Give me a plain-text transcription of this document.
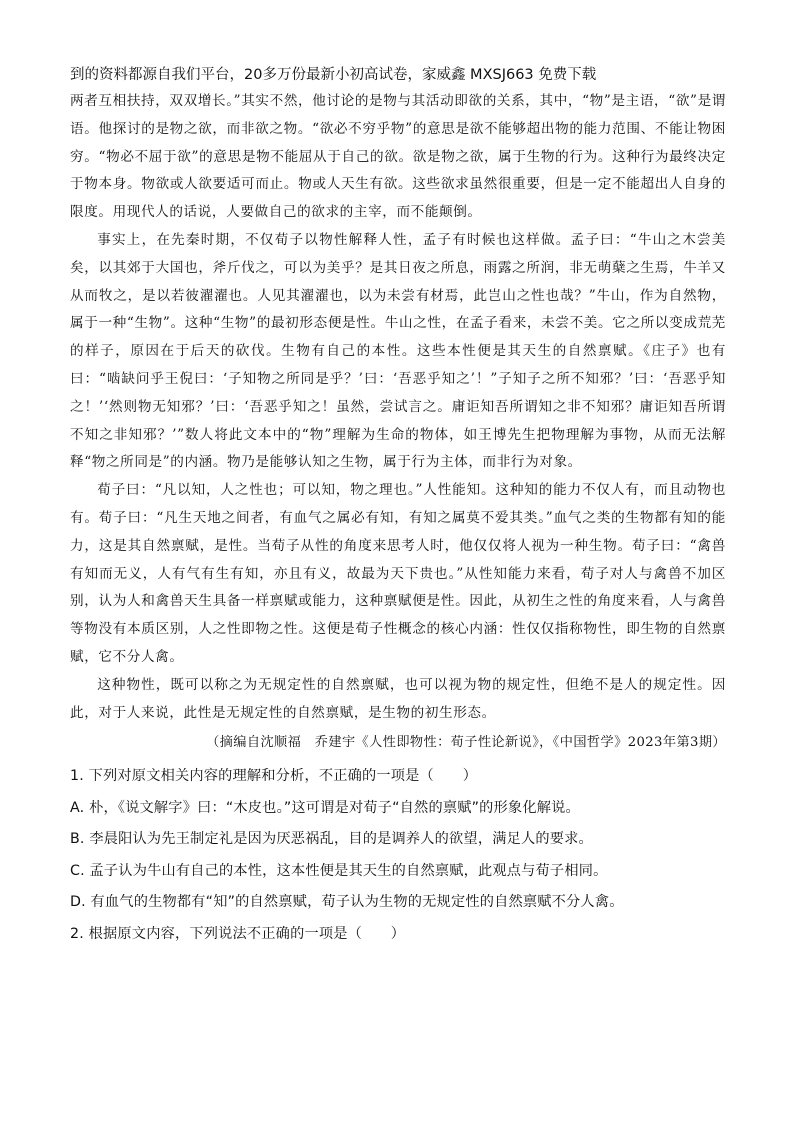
到的资料都源自我们平台，20多万份最新小初高试卷，家威鑫 MXSJ663 免费下载

两者互相扶持，双双增长。”其实不然，他讨论的是物与其活动即欲的关系，其中，“物”是主语，“欲”是谓语。他探讨的是物之欲，而非欲之物。“欲必不穷乎物”的意思是欲不能够超出物的能力范围、不能让物困穷。“物必不屈于欲”的意思是物不能屈从于自己的欲。欲是物之欲，属于生物的行为。这种行为最终决定于物本身。物欲或人欲要适可而止。物或人天生有欲。这些欲求虽然很重要，但是一定不能超出人自身的限度。用现代人的话说，人要做自己的欲求的主宰，而不能颠倒。

事实上，在先秦时期，不仅荀子以物性解释人性，孟子有时候也这样做。孟子曰：“牛山之木尝美矣，以其郊于大国也，斧斤伐之，可以为美乎？是其日夜之所息，雨露之所润，非无萌蘖之生焉，牛羊又从而牧之，是以若彼濯濯也。人见其濯濯也，以为未尝有材焉，此岂山之性也哉？”牛山，作为自然物，属于一种“生物”。这种“生物”的最初形态便是性。牛山之性，在孟子看来，未尝不美。它之所以变成荒芜的样子，原因在于后天的砍伐。生物有自己的本性。这些本性便是其天生的自然禀赋。《庄子》也有曰：“啮缺问乎王倪曰：‘子知物之所同是乎？’曰：‘吾恶乎知之’！”子知子之所不知邪？’曰：‘吾恶乎知之！’‘然则物无知邪？’曰：‘吾恶乎知之！虽然，尝试言之。庸讵知吾所谓知之非不知邪？庸讵知吾所谓不知之非知邪？’”数人将此文本中的“物”理解为生命的物体，如王博先生把物理解为事物，从而无法解释“物之所同是”的内涵。物乃是能够认知之生物，属于行为主体，而非行为对象。

荀子曰：“凡以知，人之性也；可以知，物之理也。”人性能知。这种知的能力不仅人有，而且动物也有。荀子曰：“凡生天地之间者，有血气之属必有知，有知之属莫不爱其类。”血气之类的生物都有知的能力，这是其自然禀赋，是性。当荀子从性的角度来思考人时，他仅仅将人视为一种生物。荀子曰：“禽兽有知而无义，人有气有生有知，亦且有义，故最为天下贵也。”从性知能力来看，荀子对人与禽兽不加区别，认为人和禽兽天生具备一样禀赋或能力，这种禀赋便是性。因此，从初生之性的角度来看，人与禽兽等物没有本质区别，人之性即物之性。这便是荀子性概念的核心内涵：性仅仅指称物性，即生物的自然禀赋，它不分人禽。

这种物性，既可以称之为无规定性的自然禀赋，也可以视为物的规定性，但绝不是人的规定性。因此，对于人来说，此性是无规定性的自然禀赋，是生物的初生形态。

（摘编自沈顺福　乔建宇《人性即物性：荀子性论新说》，《中国哲学》2023年第3期）

1. 下列对原文相关内容的理解和分析，不正确的一项是（　　）

A. 朴，《说文解字》曰：“木皮也。”这可谓是对荀子“自然的禀赋”的形象化解说。

B. 李晨阳认为先王制定礼是因为厌恶祸乱，目的是调养人的欲望，满足人的要求。

C. 孟子认为牛山有自己的本性，这本性便是其天生的自然禀赋，此观点与荀子相同。

D. 有血气的生物都有“知”的自然禀赋，荀子认为生物的无规定性的自然禀赋不分人禽。

2. 根据原文内容，下列说法不正确的一项是（　　）
